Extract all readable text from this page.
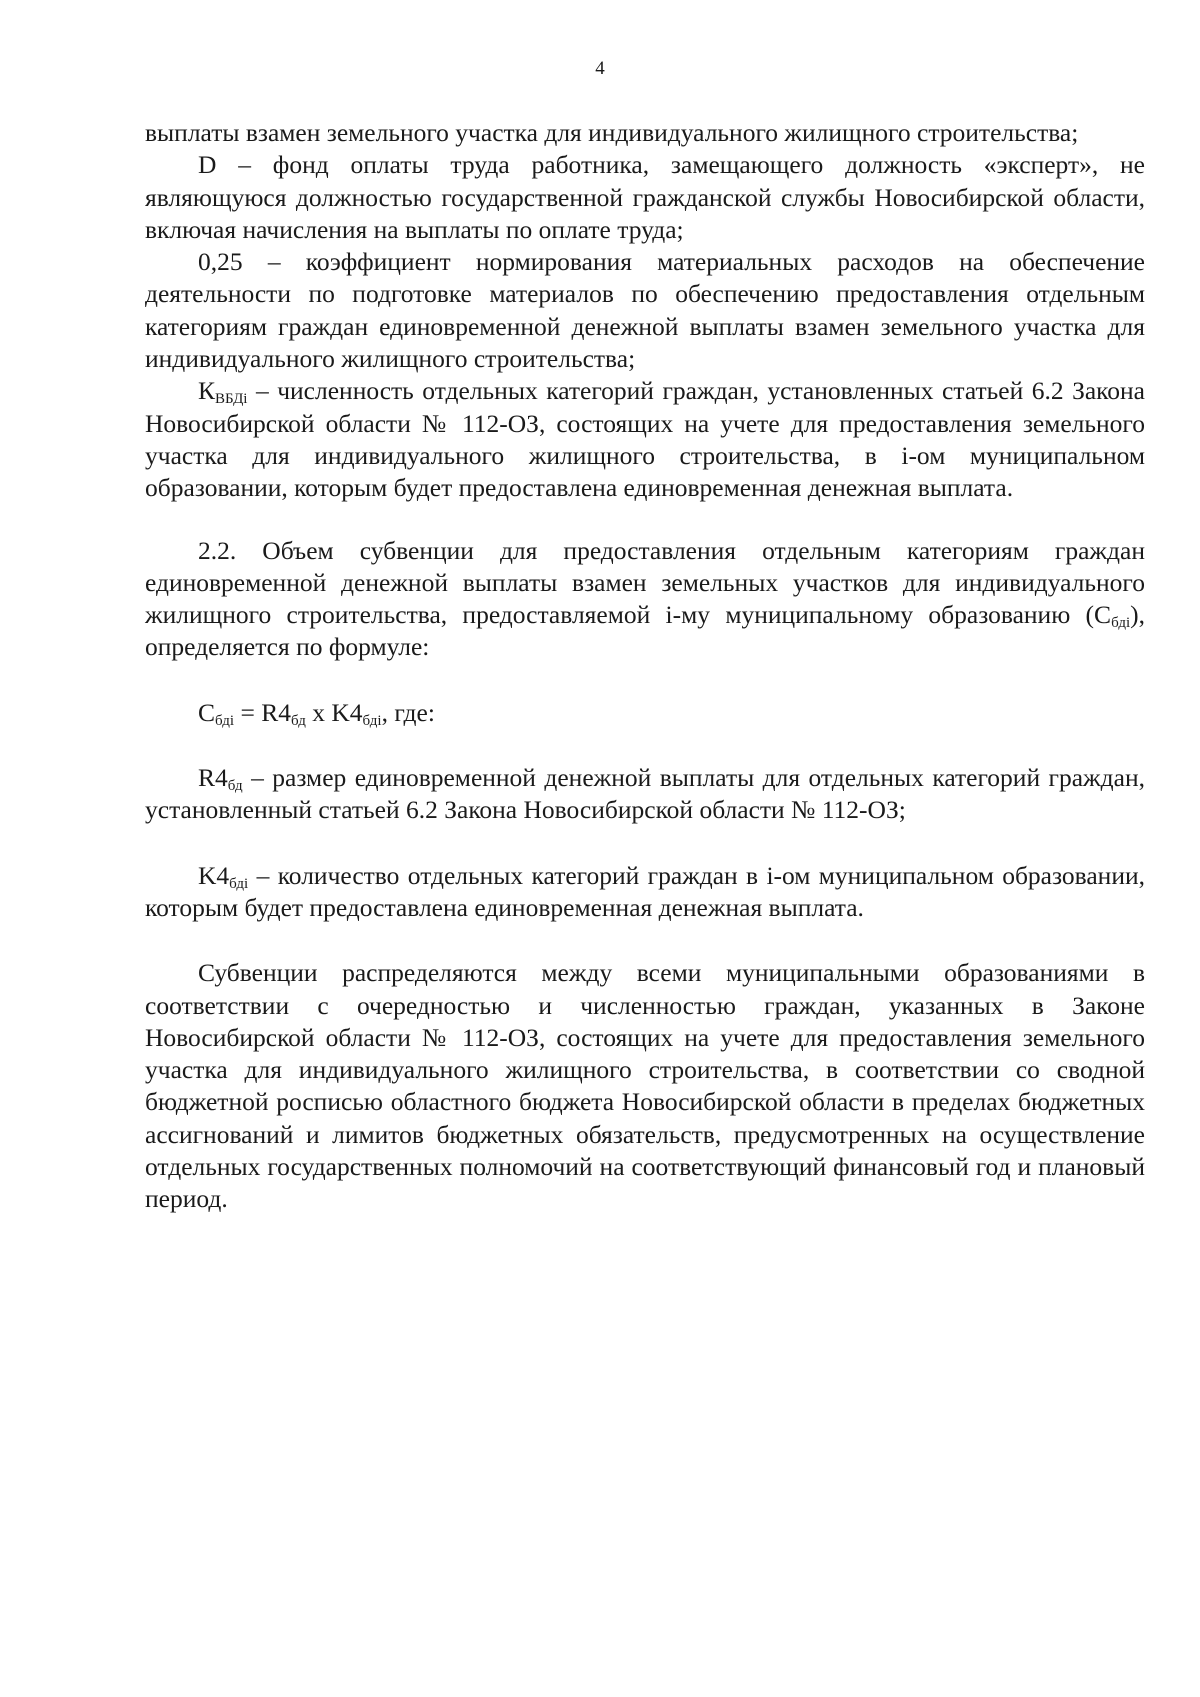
4

выплаты взамен земельного участка для индивидуального жилищного строительства;

D – фонд оплаты труда работника, замещающего должность «эксперт», не являющуюся должностью государственной гражданской службы Новосибирской области, включая начисления на выплаты по оплате труда;

0,25 – коэффициент нормирования материальных расходов на обеспечение деятельности по подготовке материалов по обеспечению предоставления отдельным категориям граждан единовременной денежной выплаты взамен земельного участка для индивидуального жилищного строительства;

$К_{ВБДi}$ – численность отдельных категорий граждан, установленных статьей 6.2 Закона Новосибирской области № 112-ОЗ, состоящих на учете для предоставления земельного участка для индивидуального жилищного строительства, в i-ом муниципальном образовании, которым будет предоставлена единовременная денежная выплата.

2.2. Объем субвенции для предоставления отдельным категориям граждан единовременной денежной выплаты взамен земельных участков для индивидуального жилищного строительства, предоставляемой i-му муниципальному образованию $(С_{бдi})$, определяется по формуле:

$С_{бдi} = R4_{бд}$ x $K4_{бдi}$, где:

$R4_{бд}$ – размер единовременной денежной выплаты для отдельных категорий граждан, установленный статьей 6.2 Закона Новосибирской области № 112-ОЗ;

$K4_{бдi}$ – количество отдельных категорий граждан в i-ом муниципальном образовании, которым будет предоставлена единовременная денежная выплата.

Субвенции распределяются между всеми муниципальными образованиями в соответствии с очередностью и численностью граждан, указанных в Законе Новосибирской области № 112-ОЗ, состоящих на учете для предоставления земельного участка для индивидуального жилищного строительства, в соответствии со сводной бюджетной росписью областного бюджета Новосибирской области в пределах бюджетных ассигнований и лимитов бюджетных обязательств, предусмотренных на осуществление отдельных государственных полномочий на соответствующий финансовый год и плановый период.
